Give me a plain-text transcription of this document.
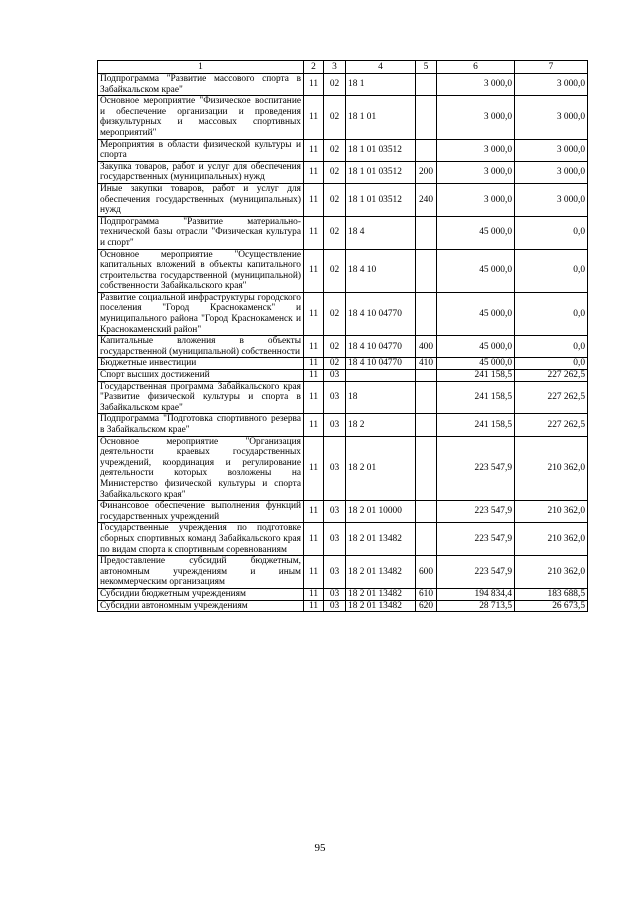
1	2	3	4	5	6	7
Подпрограмма "Развитие массового спорта в Забайкальском крае"	11	02	18 1		3 000,0	3 000,0
Основное мероприятие "Физическое воспитание и обеспечение организации и проведения физкультурных и массовых спортивных мероприятий"	11	02	18 1 01		3 000,0	3 000,0
Мероприятия в области физической культуры и спорта	11	02	18 1 01 03512		3 000,0	3 000,0
Закупка товаров, работ и услуг для обеспечения государственных (муниципальных) нужд	11	02	18 1 01 03512	200	3 000,0	3 000,0
Иные закупки товаров, работ и услуг для обеспечения государственных (муниципальных) нужд	11	02	18 1 01 03512	240	3 000,0	3 000,0
Подпрограмма "Развитие материально-технической базы отрасли "Физическая культура и спорт"	11	02	18 4		45 000,0	0,0
Основное мероприятие "Осуществление капитальных вложений в объекты капитального строительства государственной (муниципальной) собственности Забайкальского края"	11	02	18 4 10		45 000,0	0,0
Развитие социальной инфраструктуры городского поселения "Город Краснокаменск" и муниципального района "Город Краснокаменск и Краснокаменский район"	11	02	18 4 10 04770		45 000,0	0,0
Капитальные вложения в объекты государственной (муниципальной) собственности	11	02	18 4 10 04770	400	45 000,0	0,0
Бюджетные инвестиции	11	02	18 4 10 04770	410	45 000,0	0,0
Спорт высших достижений	11	03			241 158,5	227 262,5
Государственная программа Забайкальского края "Развитие физической культуры и спорта в Забайкальском крае"	11	03	18		241 158,5	227 262,5
Подпрограмма "Подготовка спортивного резерва в Забайкальском крае"	11	03	18 2		241 158,5	227 262,5
Основное мероприятие "Организация деятельности краевых государственных учреждений, координация и регулирование деятельности которых возложены на Министерство физической культуры и спорта Забайкальского края"	11	03	18 2 01		223 547,9	210 362,0
Финансовое обеспечение выполнения функций государственных учреждений	11	03	18 2 01 10000		223 547,9	210 362,0
Государственные учреждения по подготовке сборных спортивных команд Забайкальского края по видам спорта к спортивным соревнованиям	11	03	18 2 01 13482		223 547,9	210 362,0
Предоставление субсидий бюджетным, автономным учреждениям и иным некоммерческим организациям	11	03	18 2 01 13482	600	223 547,9	210 362,0
Субсидии бюджетным учреждениям	11	03	18 2 01 13482	610	194 834,4	183 688,5
Субсидии автономным учреждениям	11	03	18 2 01 13482	620	28 713,5	26 673,5
95
